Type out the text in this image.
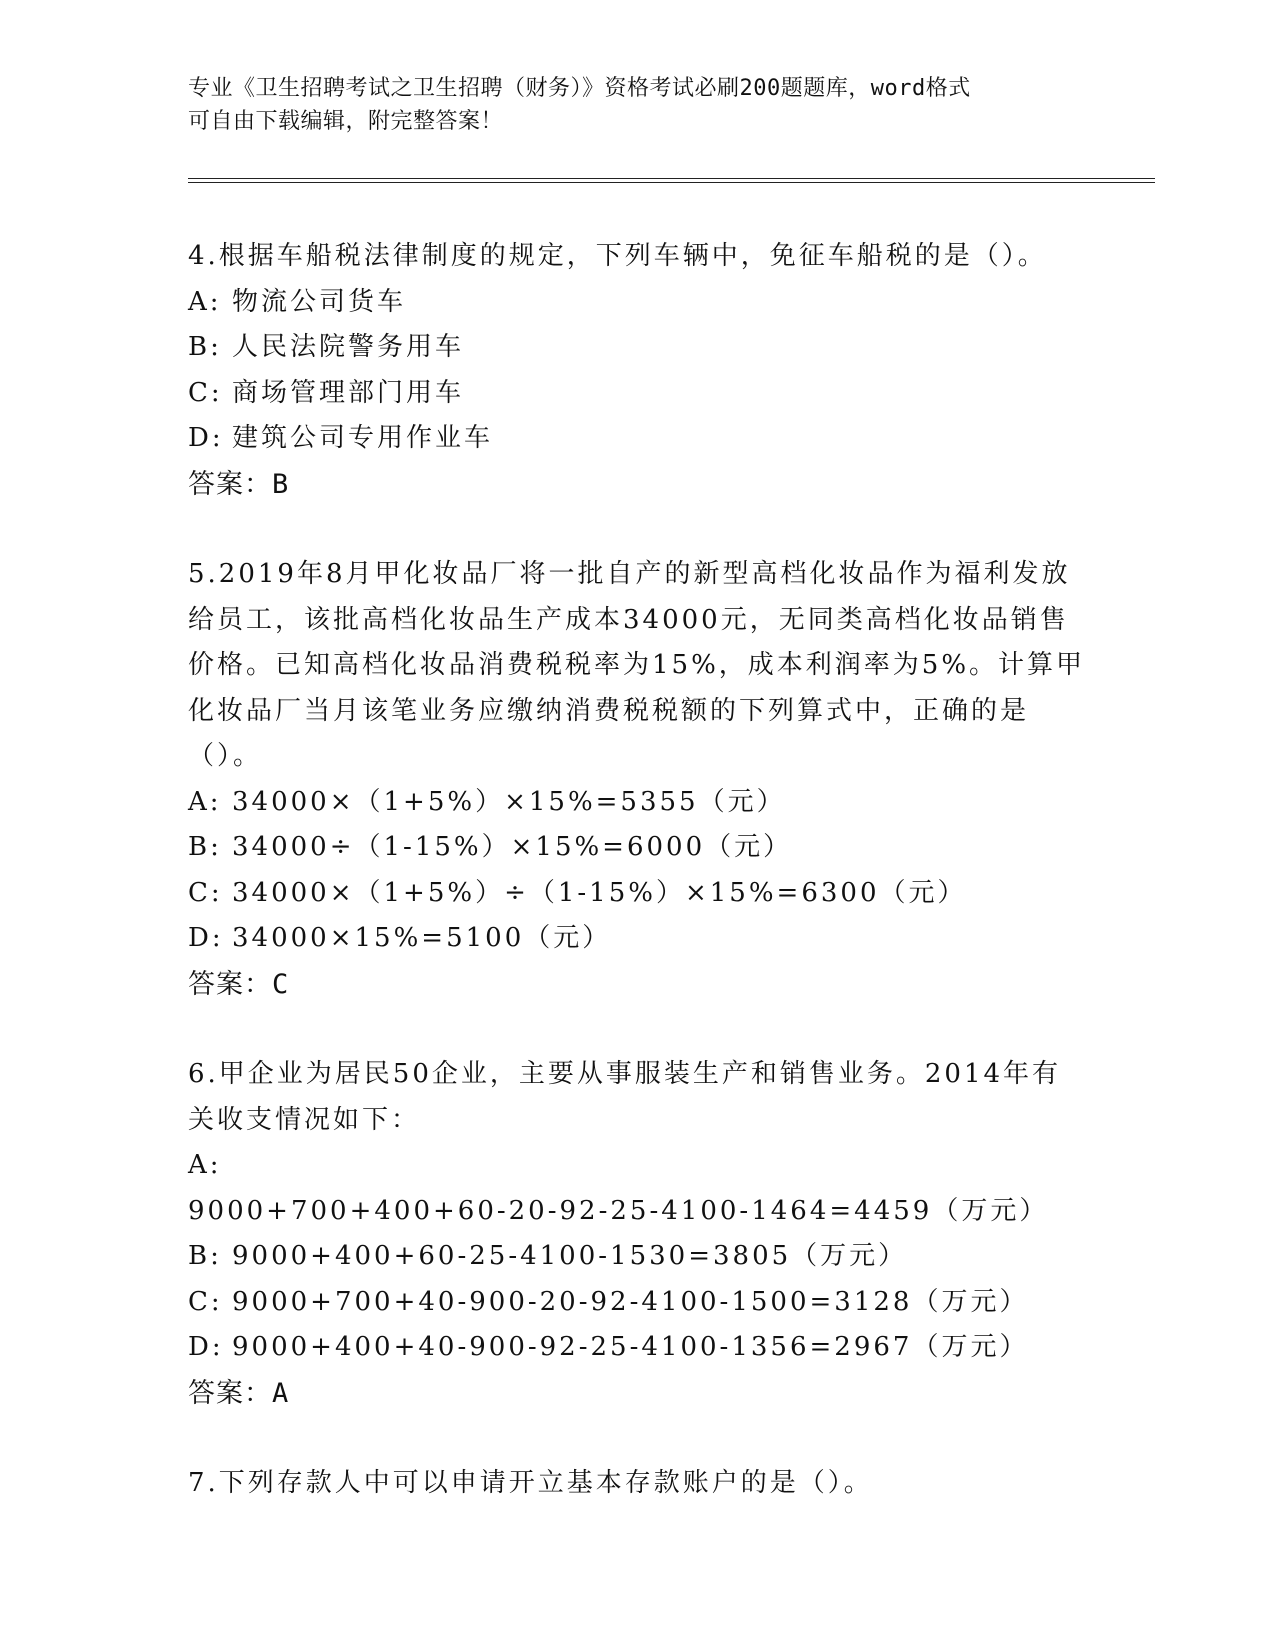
专业《卫生招聘考试之卫生招聘（财务）》资格考试必刷200题题库，word格式
可自由下载编辑，附完整答案！
4.根据车船税法律制度的规定，下列车辆中，免征车船税的是（）。
A: 物流公司货车
B: 人民法院警务用车
C: 商场管理部门用车
D: 建筑公司专用作业车
答案：B
5.2019年8月甲化妆品厂将一批自产的新型高档化妆品作为福利发放给员工，该批高档化妆品生产成本34000元，无同类高档化妆品销售价格。已知高档化妆品消费税税率为15%，成本利润率为5%。计算甲化妆品厂当月该笔业务应缴纳消费税税额的下列算式中，正确的是（）。
A: 34000×（1+5%）×15%=5355（元）
B: 34000÷（1-15%）×15%=6000（元）
C: 34000×（1+5%）÷（1-15%）×15%=6300（元）
D: 34000×15%=5100（元）
答案：C
6.甲企业为居民50企业，主要从事服装生产和销售业务。2014年有关收支情况如下：
A:9000+700+400+60-20-92-25-4100-1464=4459（万元）
B: 9000+400+60-25-4100-1530=3805（万元）
C: 9000+700+40-900-20-92-4100-1500=3128（万元）
D: 9000+400+40-900-92-25-4100-1356=2967（万元）
答案：A
7.下列存款人中可以申请开立基本存款账户的是（）。
